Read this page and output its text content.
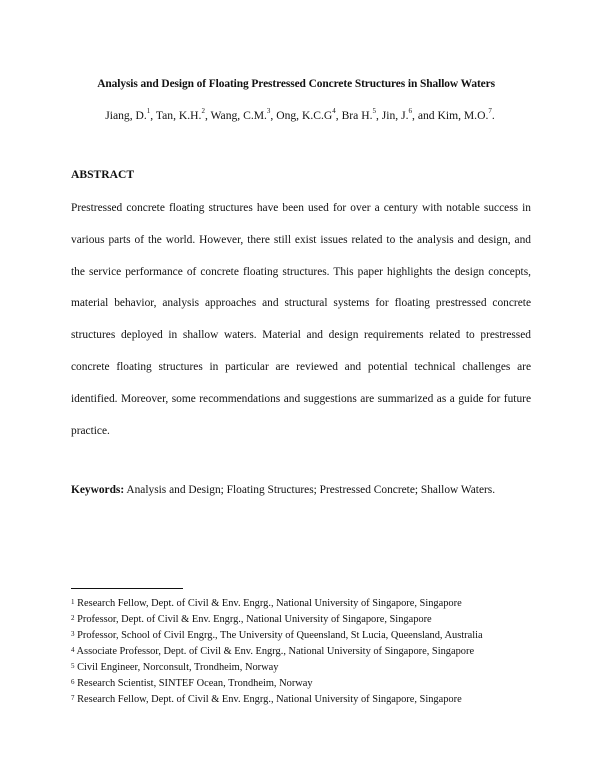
Analysis and Design of Floating Prestressed Concrete Structures in Shallow Waters
Jiang, D.$^1$, Tan, K.H.$^2$, Wang, C.M.$^3$, Ong, $K.C.G^4$, Bra H.$^5$, Jin, J.$^6$, and Kim, M.O.$^7$.
ABSTRACT
Prestressed concrete floating structures have been used for over a century with notable success in
various parts of the world. However, there still exist issues related to the analysis and design, and
the service performance of concrete floating structures. This paper highlights the design concepts,
material behavior, analysis approaches and structural systems for floating prestressed concrete
structures deployed in shallow waters. Material and design requirements related to prestressed
concrete floating structures in particular are reviewed and potential technical challenges are
identified. Moreover, some recommendations and suggestions are summarized as a guide for future
practice.
Keywords: Analysis and Design; Floating Structures; Prestressed Concrete; Shallow Waters.
$^1$ Research Fellow, Dept. of Civil & Env. Engrg., National University of Singapore, Singapore
$^2$ Professor, Dept. of Civil & Env. Engrg., National University of Singapore, Singapore
$^3$ Professor, School of Civil Engrg., The University of Queensland, St Lucia, Queensland, Australia
$^4$ Associate Professor, Dept. of Civil & Env. Engrg., National University of Singapore, Singapore
$^5$ Civil Engineer, Norconsult, Trondheim, Norway
$^6$ Research Scientist, SINTEF Ocean, Trondheim, Norway
$^7$ Research Fellow, Dept. of Civil & Env. Engrg., National University of Singapore, Singapore
